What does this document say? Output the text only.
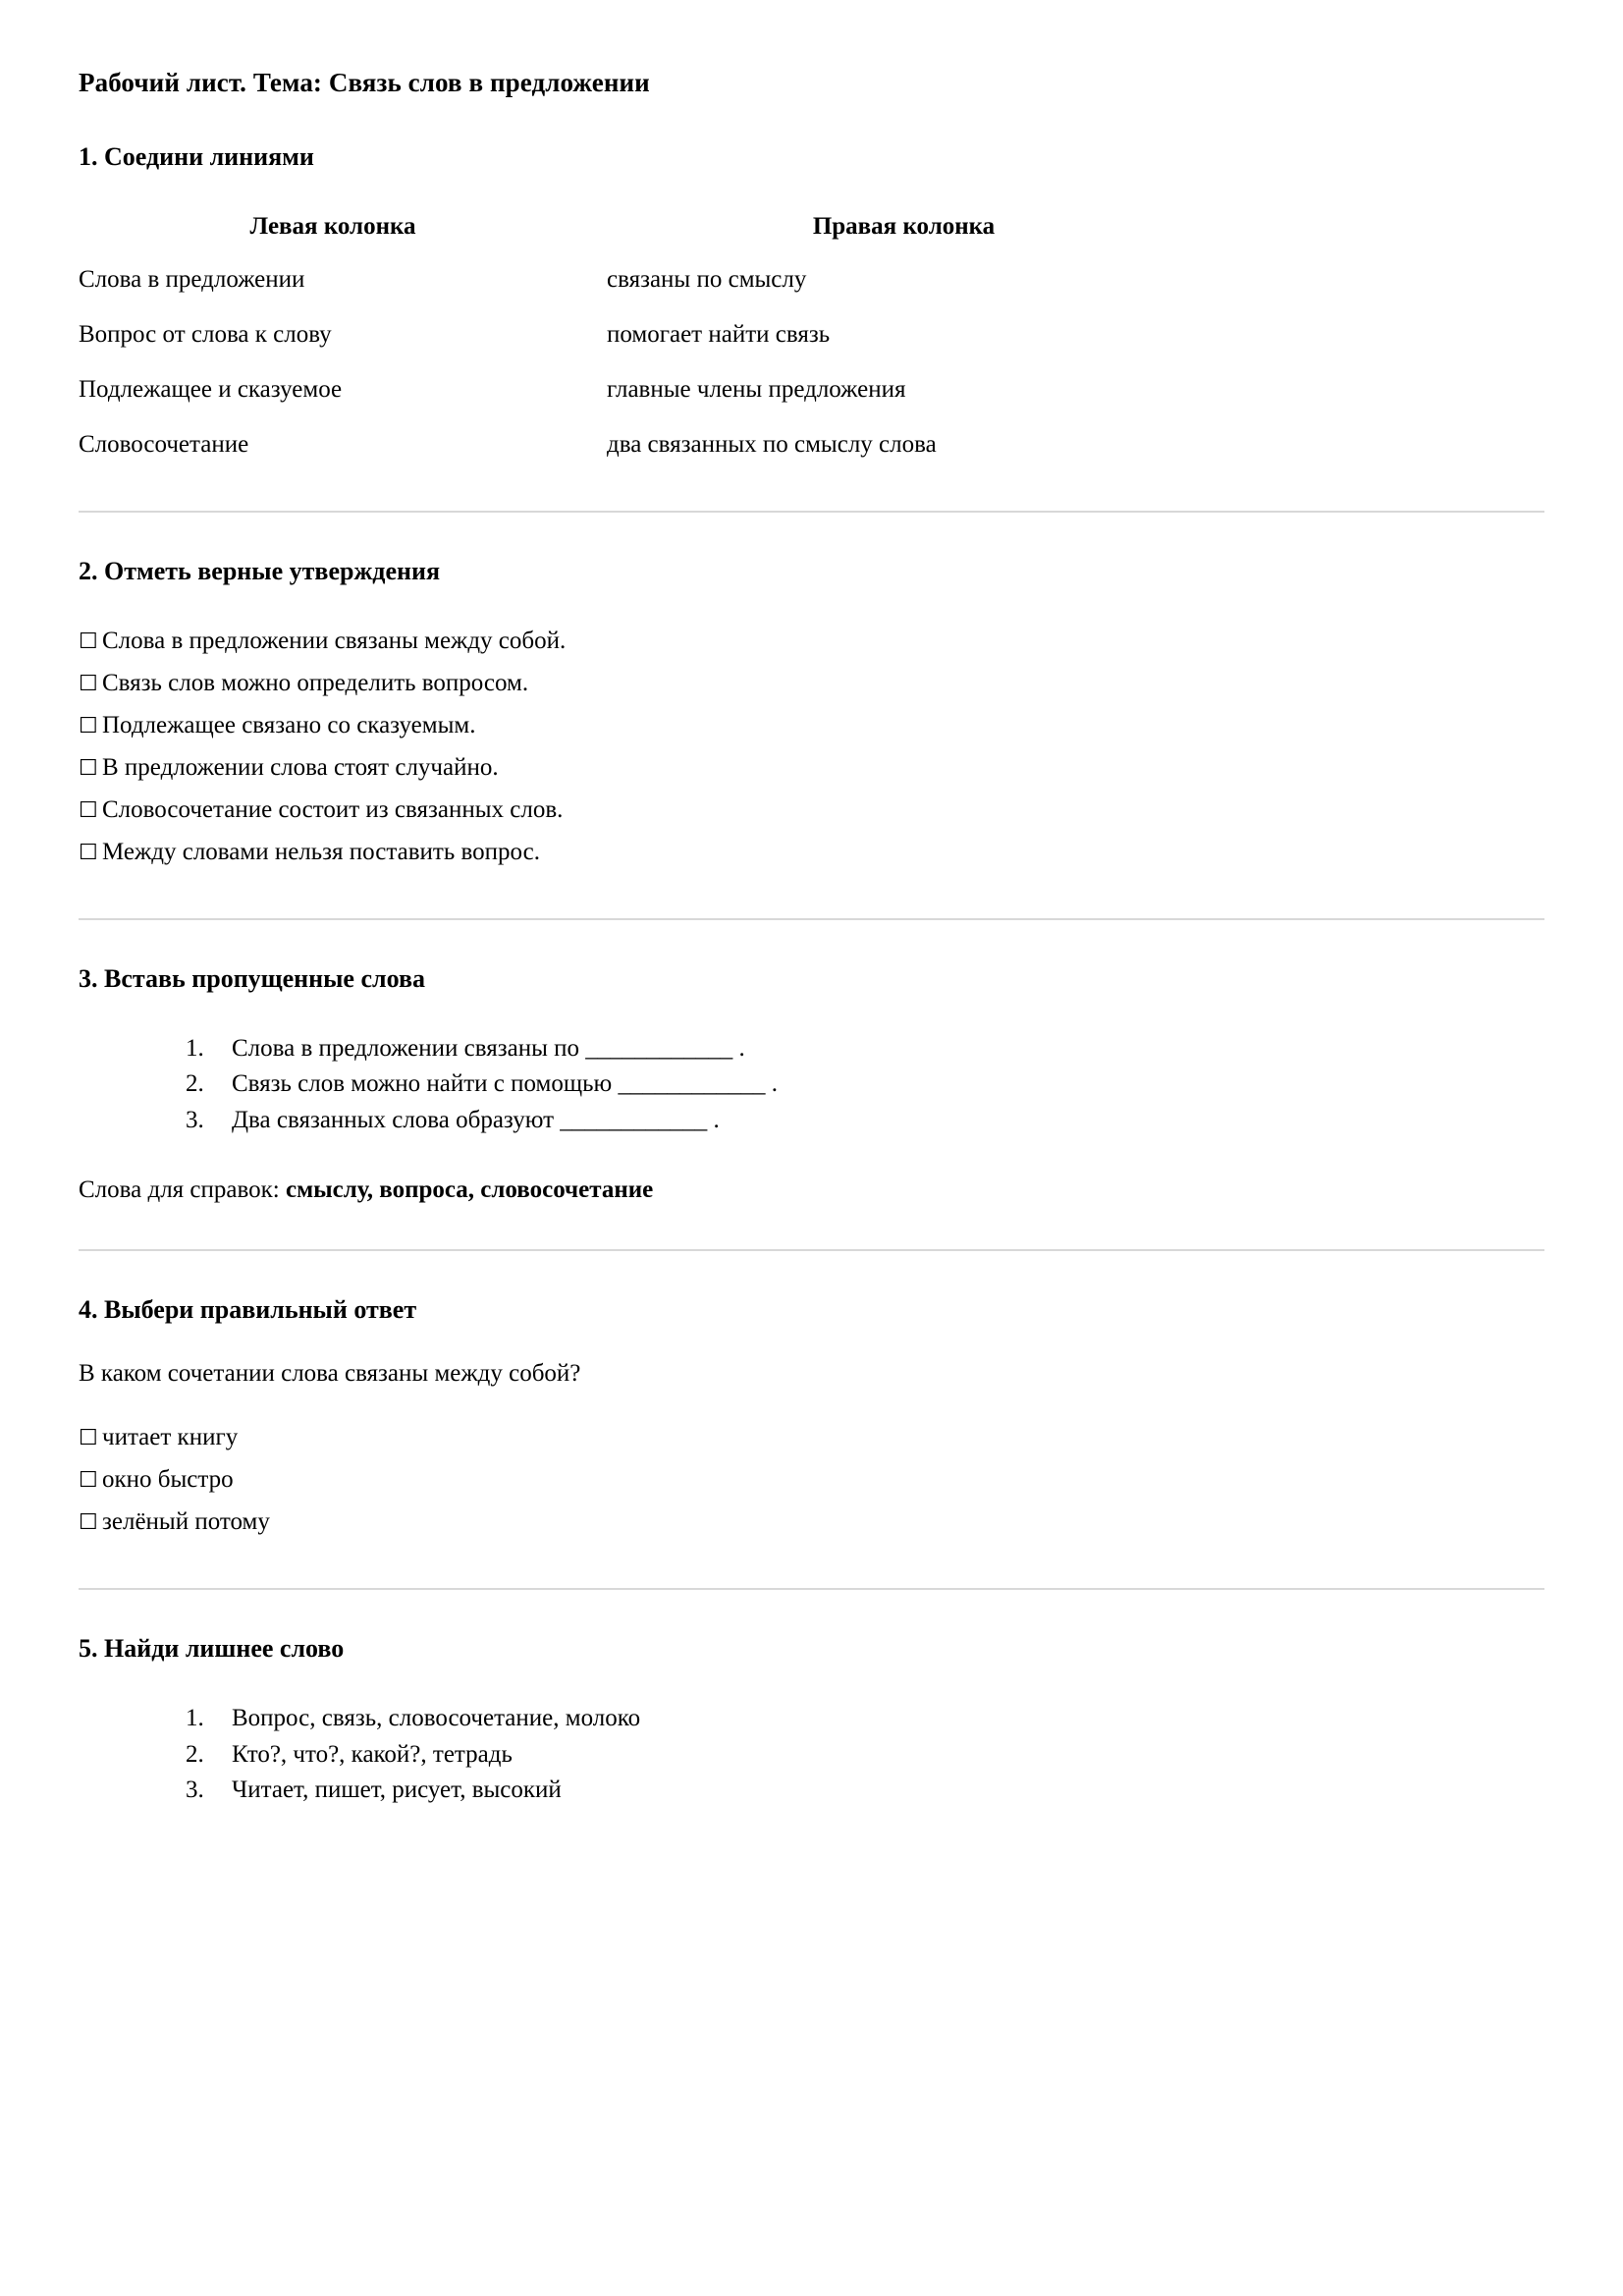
Рабочий лист. Тема: Связь слов в предложении
1. Соедини линиями
Левая колонка	Правая колонка
Слова в предложении	связаны по смыслу
Вопрос от слова к слову	помогает найти связь
Подлежащее и сказуемое	главные члены предложения
Словосочетание	два связанных по смыслу слова
2. Отметь верные утверждения
☐ Слова в предложении связаны между собой.
☐ Связь слов можно определить вопросом.
☐ Подлежащее связано со сказуемым.
☐ В предложении слова стоят случайно.
☐ Словосочетание состоит из связанных слов.
☐ Между словами нельзя поставить вопрос.
3. Вставь пропущенные слова
1. Слова в предложении связаны по ____________ .
2. Связь слов можно найти с помощью ____________ .
3. Два связанных слова образуют ____________ .

Слова для справок: смыслу, вопроса, словосочетание

4. Выбери правильный ответ

В каком сочетании слова связаны между собой?

☐ читает книгу
☐ окно быстро
☐ зелёный потому
5. Найди лишнее слово
1. Вопрос, связь, словосочетание, молоко
2. Кто?, что?, какой?, тетрадь
3. Читает, пишет, рисует, высокий
